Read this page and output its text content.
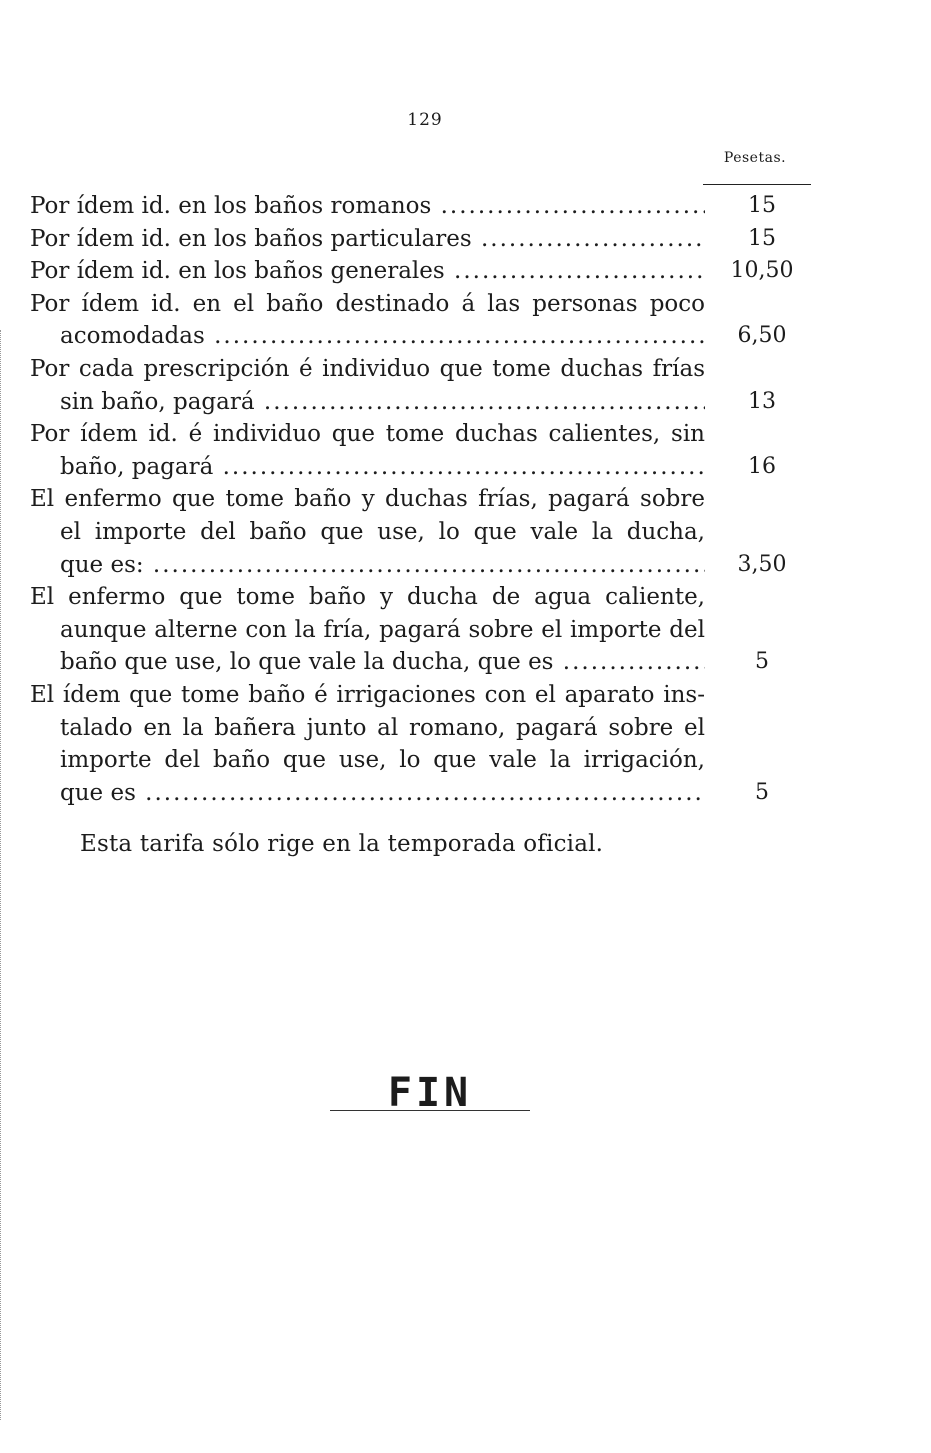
129
Pesetas.
Por ídem id. en los baños romanos .....	15
Por ídem id. en los baños particulares .....	15
Por ídem id. en los baños generales .....	10,50
Por ídem id. en el baño destinado á las personas poco
acomodadas .....	6,50
Por cada prescripción é individuo que tome duchas frías
sin baño, pagará .....	13
Por ídem id. é individuo que tome duchas calientes, sin
baño, pagará .....	16
El enfermo que tome baño y duchas frías, pagará sobre
el importe del baño que use, lo que vale la ducha,
que es: .....	3,50
El enfermo que tome baño y ducha de agua caliente,
aunque alterne con la fría, pagará sobre el importe del
baño que use, lo que vale la ducha, que es .....	5
El ídem que tome baño é irrigaciones con el aparato ins-
talado en la bañera junto al romano, pagará sobre el
importe del baño que use, lo que vale la irrigación,
que es .....	5
Esta tarifa sólo rige en la temporada oficial.
FIN
